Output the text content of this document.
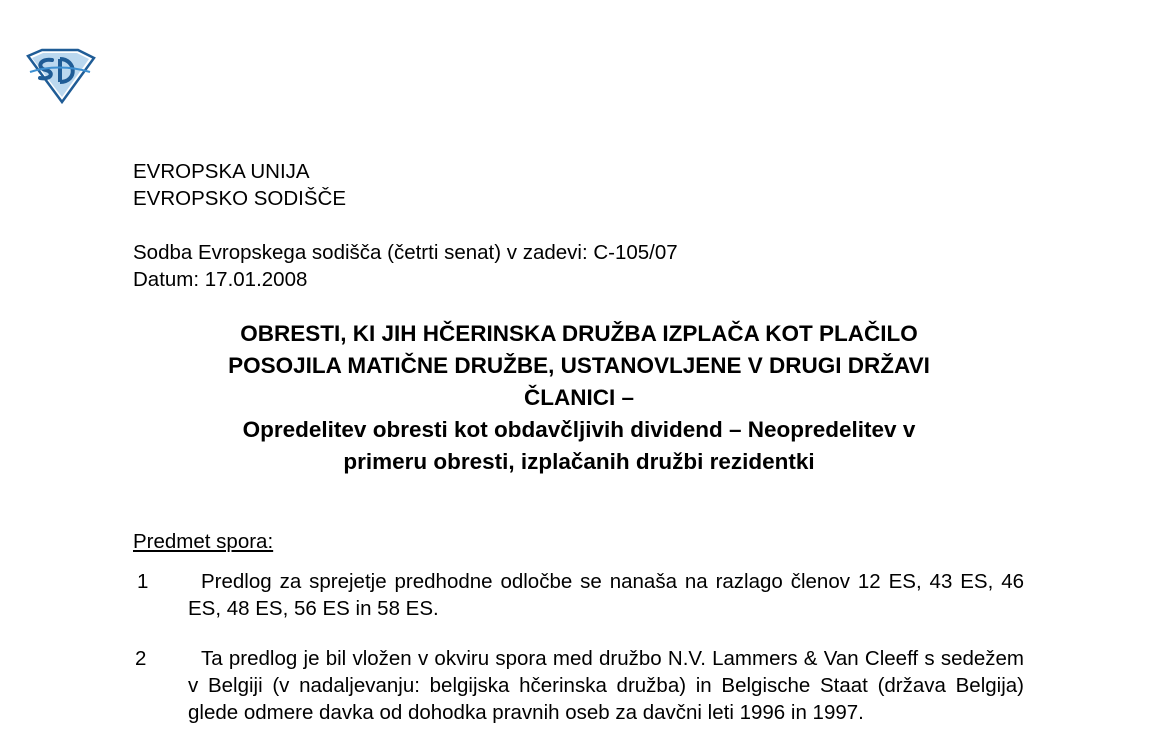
EVROPSKA UNIJA
EVROPSKO SODIŠČE
Sodba Evropskega sodišča (četrti senat) v zadevi: C-105/07
Datum: 17.01.2008
OBRESTI, KI JIH HČERINSKA DRUŽBA IZPLAČA KOT PLAČILO
POSOJILA MATIČNE DRUŽBE, USTANOVLJENE V DRUGI DRŽAVI
ČLANICI –
Opredelitev obresti kot obdavčljivih dividend – Neopredelitev v
primeru obresti, izplačanih družbi rezidentki
Predmet spora:
1	Predlog za sprejetje predhodne odločbe se nanaša na razlago členov 12 ES, 43 ES, 46 ES, 48 ES, 56 ES in 58 ES.
2	Ta predlog je bil vložen v okviru spora med družbo N.V. Lammers & Van Cleeff s sedežem v Belgiji (v nadaljevanju: belgijska hčerinska družba) in Belgische Staat (država Belgija) glede odmere davka od dohodka pravnih oseb za davčni leti 1996 in 1997.
